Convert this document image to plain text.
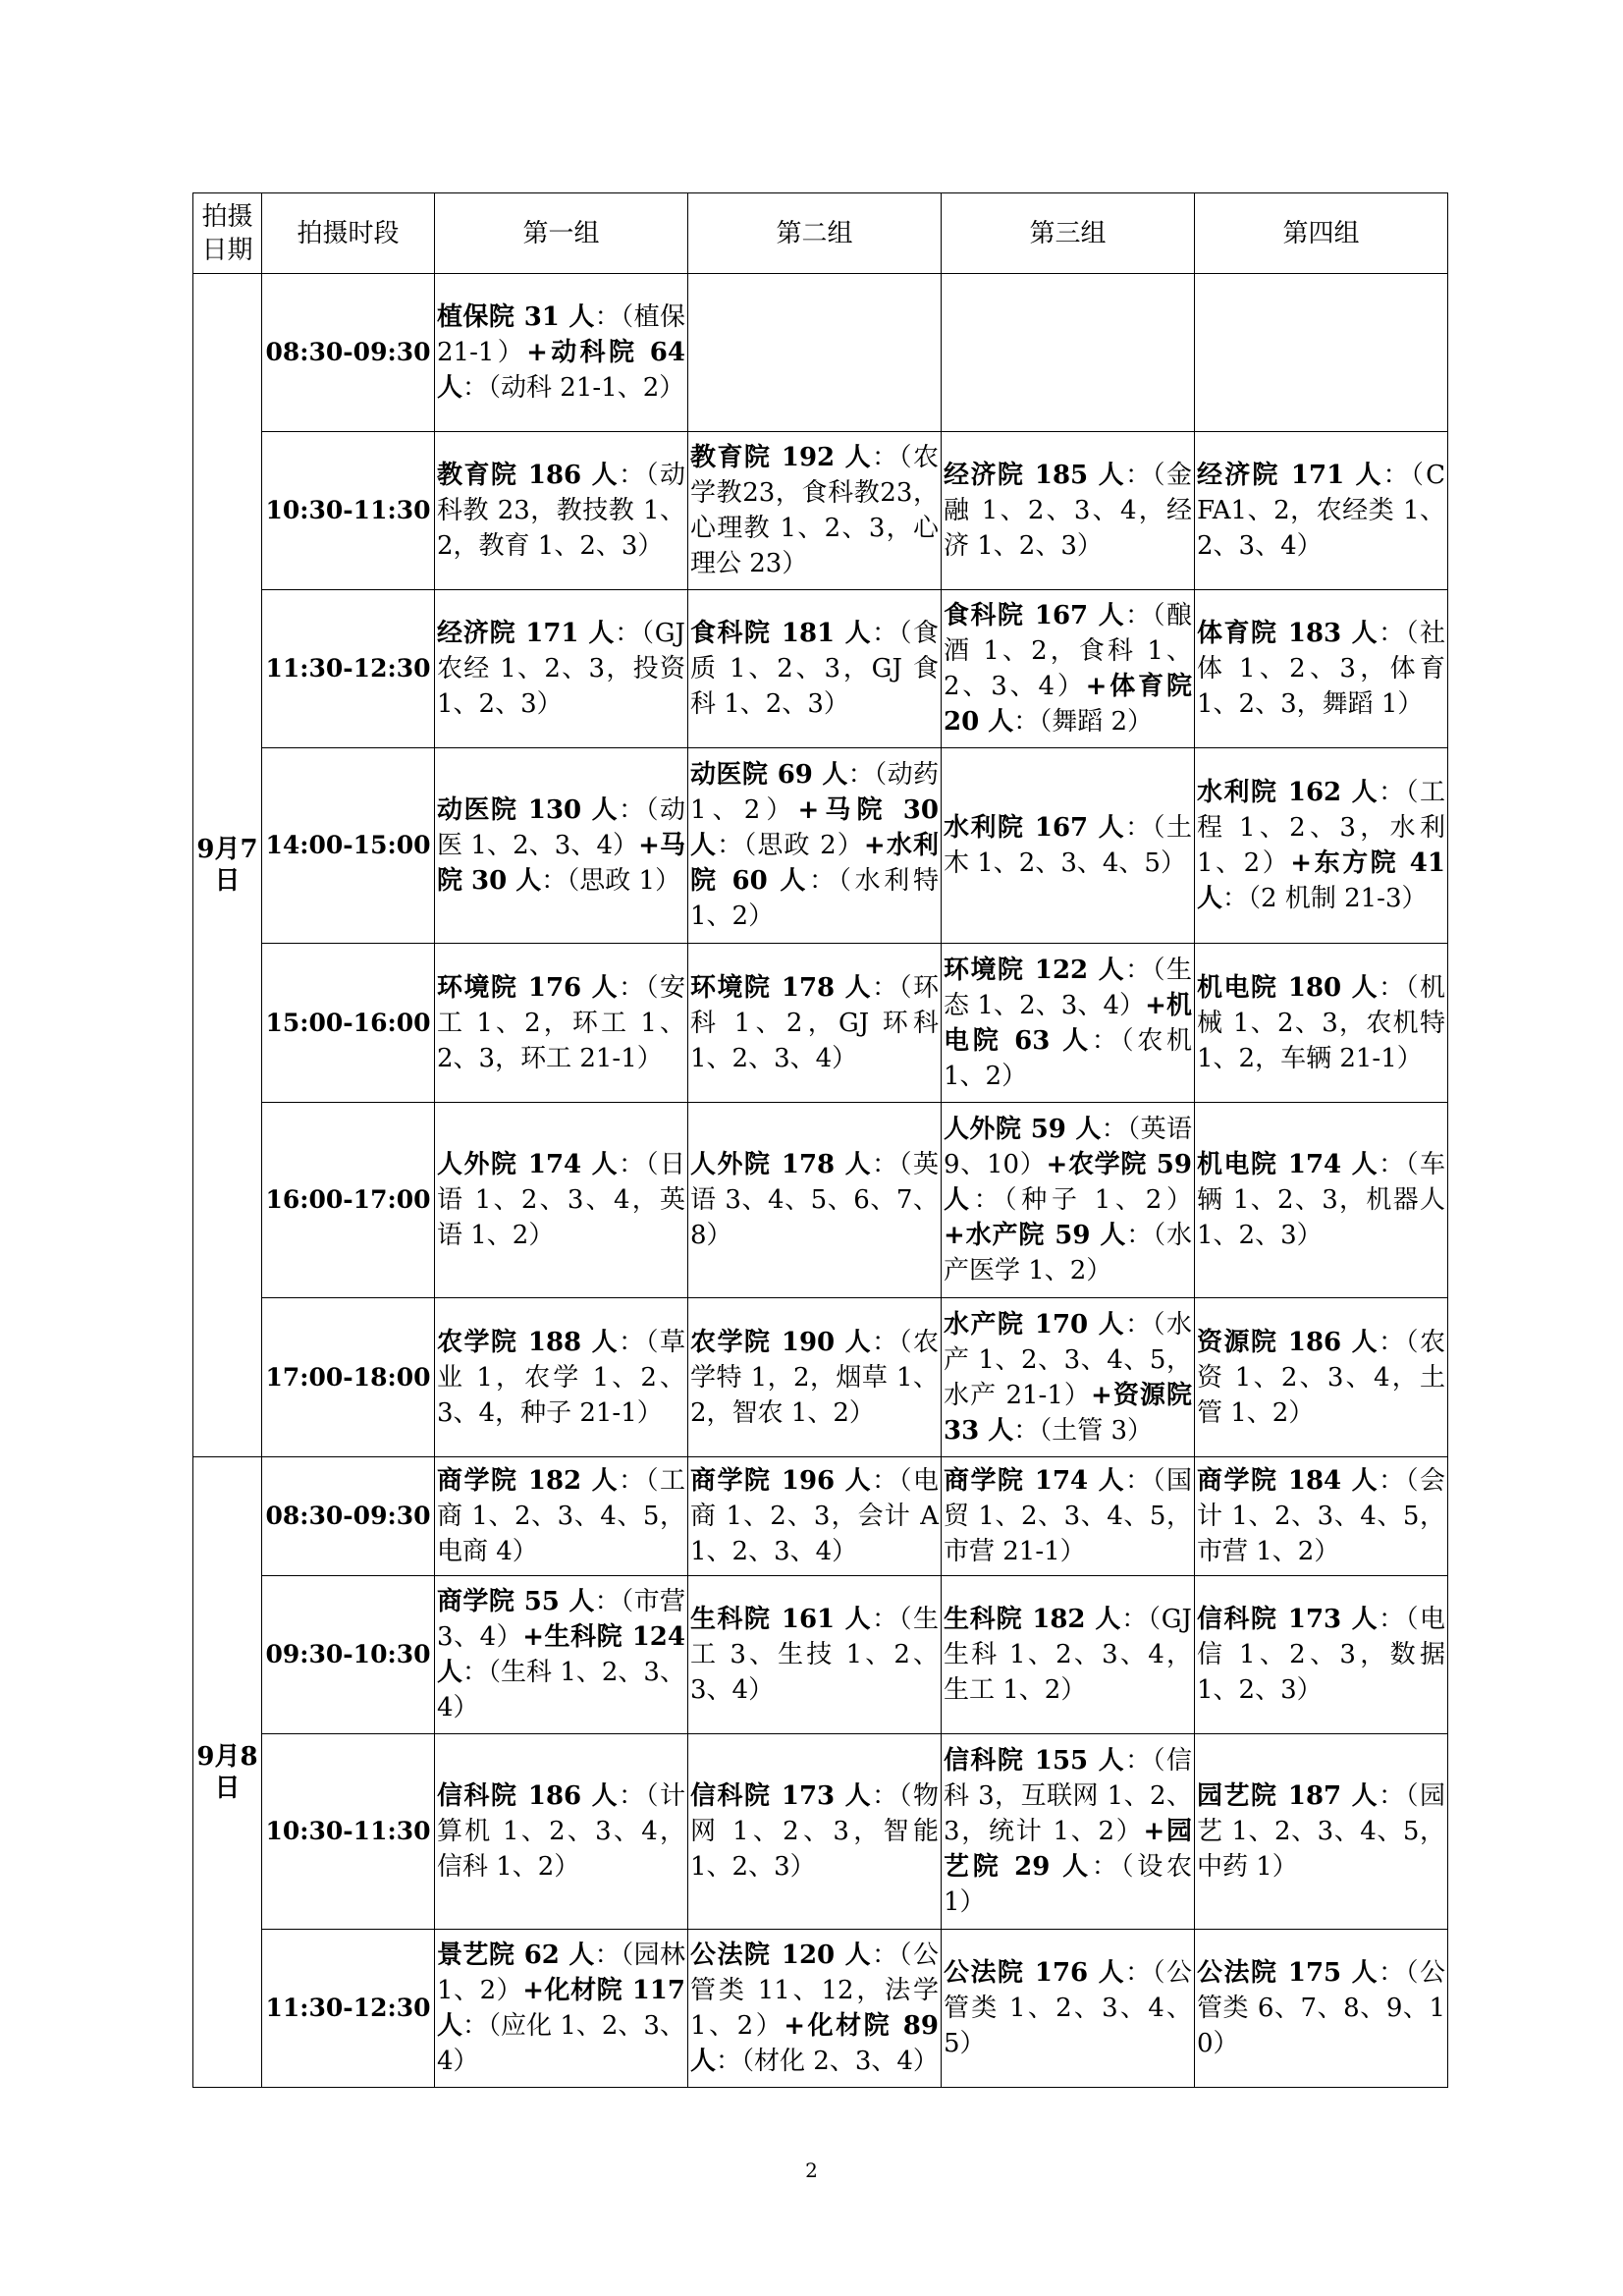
拍摄日期	拍摄时段	第一组	第二组	第三组	第四组
9月7日	08:30-09:30	植保院 31 人：（植保 21-1）+动科院 64 人：（动科 21-1、2）			
	10:30-11:30	教育院 186 人：（动科教 23，教技教 1、2，教育 1、2、3）	教育院 192 人：（农学教23，食科教23，心理教 1、2、3，心理公 23）	经济院 185 人：（金融 1、2、3、4，经济 1、2、3）	经济院 171 人：（CFA1、2，农经类 1、2、3、4）
	11:30-12:30	经济院 171 人：（GJ 农经 1、2、3，投资 1、2、3）	食科院 181 人：（食质 1、2、3，GJ 食科 1、2、3）	食科院 167 人：（酿酒 1、2，食科 1、2、3、4）+体育院 20 人：（舞蹈 2）	体育院 183 人：（社体 1、2、3，体育 1、2、3，舞蹈 1）
	14:00-15:00	动医院 130 人：（动医 1、2、3、4）+马院 30 人：（思政 1）	动医院 69 人：（动药 1、2）+马院 30 人：（思政 2）+水利院 60 人：（水利特 1、2）	水利院 167 人：（土木 1、2、3、4、5）	水利院 162 人：（工程 1、2、3，水利 1、2）+东方院 41 人：（2 机制 21-3）
	15:00-16:00	环境院 176 人：（安工 1、2，环工 1、2、3，环工 21-1）	环境院 178 人：（环科 1、2，GJ 环科 1、2、3、4）	环境院 122 人：（生态 1、2、3、4）+机电院 63 人：（农机 1、2）	机电院 180 人：（机械 1、2、3，农机特 1、2，车辆 21-1）
	16:00-17:00	人外院 174 人：（日语 1、2、3、4，英语 1、2）	人外院 178 人：（英语 3、4、5、6、7、8）	人外院 59 人：（英语 9、10）+农学院 59 人：（种子 1、2）+水产院 59 人：（水产医学 1、2）	机电院 174 人：（车辆 1、2、3，机器人 1、2、3）
	17:00-18:00	农学院 188 人：（草业 1，农学 1、2、3、4，种子 21-1）	农学院 190 人：（农学特 1，2，烟草 1、2，智农 1、2）	水产院 170 人：（水产 1、2、3、4、5，水产 21-1）+资源院 33 人：（土管 3）	资源院 186 人：（农资 1、2、3、4，土管 1、2）
9月8日	08:30-09:30	商学院 182 人：（工商 1、2、3、4、5，电商 4）	商学院 196 人：（电商 1、2、3，会计 A1、2、3、4）	商学院 174 人：（国贸 1、2、3、4、5，市营 21-1）	商学院 184 人：（会计 1、2、3、4、5，市营 1、2）
	09:30-10:30	商学院 55 人：（市营 3、4）+生科院 124 人：（生科 1、2、3、4）	生科院 161 人：（生工 3、生技 1、2、3、4）	生科院 182 人：（GJ 生科 1、2、3、4，生工 1、2）	信科院 173 人：（电信 1、2、3，数据 1、2、3）
	10:30-11:30	信科院 186 人：（计算机 1、2、3、4，信科 1、2）	信科院 173 人：（物网 1、2、3，智能 1、2、3）	信科院 155 人：（信科 3，互联网 1、2、3，统计 1、2）+园艺院 29 人：（设农 1）	园艺院 187 人：（园艺 1、2、3、4、5，中药 1）
	11:30-12:30	景艺院 62 人：（园林 1、2）+化材院 117 人：（应化 1、2、3、4）	公法院 120 人：（公管类 11、12，法学 1、2）+化材院 89 人：（材化 2、3、4）	公法院 176 人：（公管类 1、2、3、4、5）	公法院 175 人：（公管类 6、7、8、9、10）
2
